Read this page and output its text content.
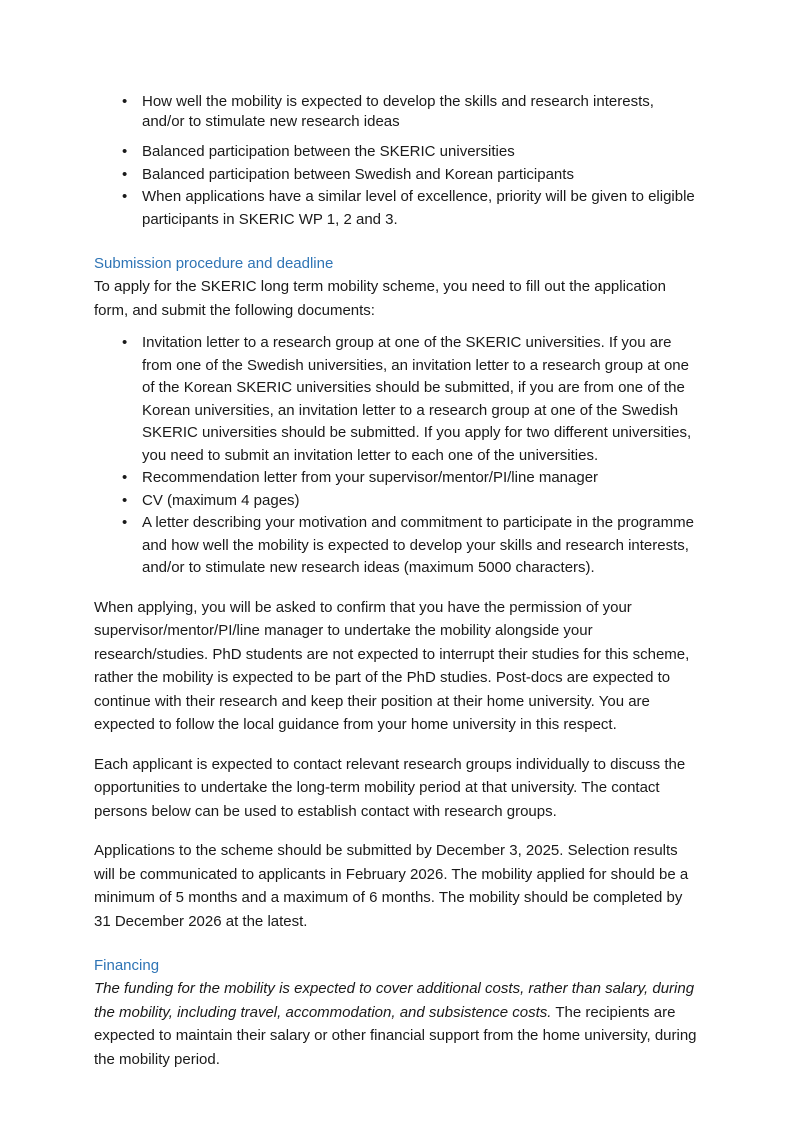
• How well the mobility is expected to develop the skills and research interests, and/or to stimulate new research ideas
• Balanced participation between the SKERIC universities
• Balanced participation between Swedish and Korean participants
• When applications have a similar level of excellence, priority will be given to eligible participants in SKERIC WP 1, 2 and 3.
Submission procedure and deadline

To apply for the SKERIC long term mobility scheme, you need to fill out the application form, and submit the following documents:

• Invitation letter to a research group at one of the SKERIC universities. If you are from one of the Swedish universities, an invitation letter to a research group at one of the Korean SKERIC universities should be submitted, if you are from one of the Korean universities, an invitation letter to a research group at one of the Swedish SKERIC universities should be submitted. If you apply for two different universities, you need to submit an invitation letter to each one of the universities.
• Recommendation letter from your supervisor/mentor/PI/line manager
• CV (maximum 4 pages)
• A letter describing your motivation and commitment to participate in the programme and how well the mobility is expected to develop your skills and research interests, and/or to stimulate new research ideas (maximum 5000 characters).

When applying, you will be asked to confirm that you have the permission of your supervisor/mentor/PI/line manager to undertake the mobility alongside your research/studies. PhD students are not expected to interrupt their studies for this scheme, rather the mobility is expected to be part of the PhD studies. Post-docs are expected to continue with their research and keep their position at their home university. You are expected to follow the local guidance from your home university in this respect.

Each applicant is expected to contact relevant research groups individually to discuss the opportunities to undertake the long-term mobility period at that university. The contact persons below can be used to establish contact with research groups.

Applications to the scheme should be submitted by December 3, 2025. Selection results will be communicated to applicants in February 2026. The mobility applied for should be a minimum of 5 months and a maximum of 6 months. The mobility should be completed by 31 December 2026 at the latest.

Financing

The funding for the mobility is expected to cover additional costs, rather than salary, during the mobility, including travel, accommodation, and subsistence costs. The recipients are expected to maintain their salary or other financial support from the home university, during the mobility period.
